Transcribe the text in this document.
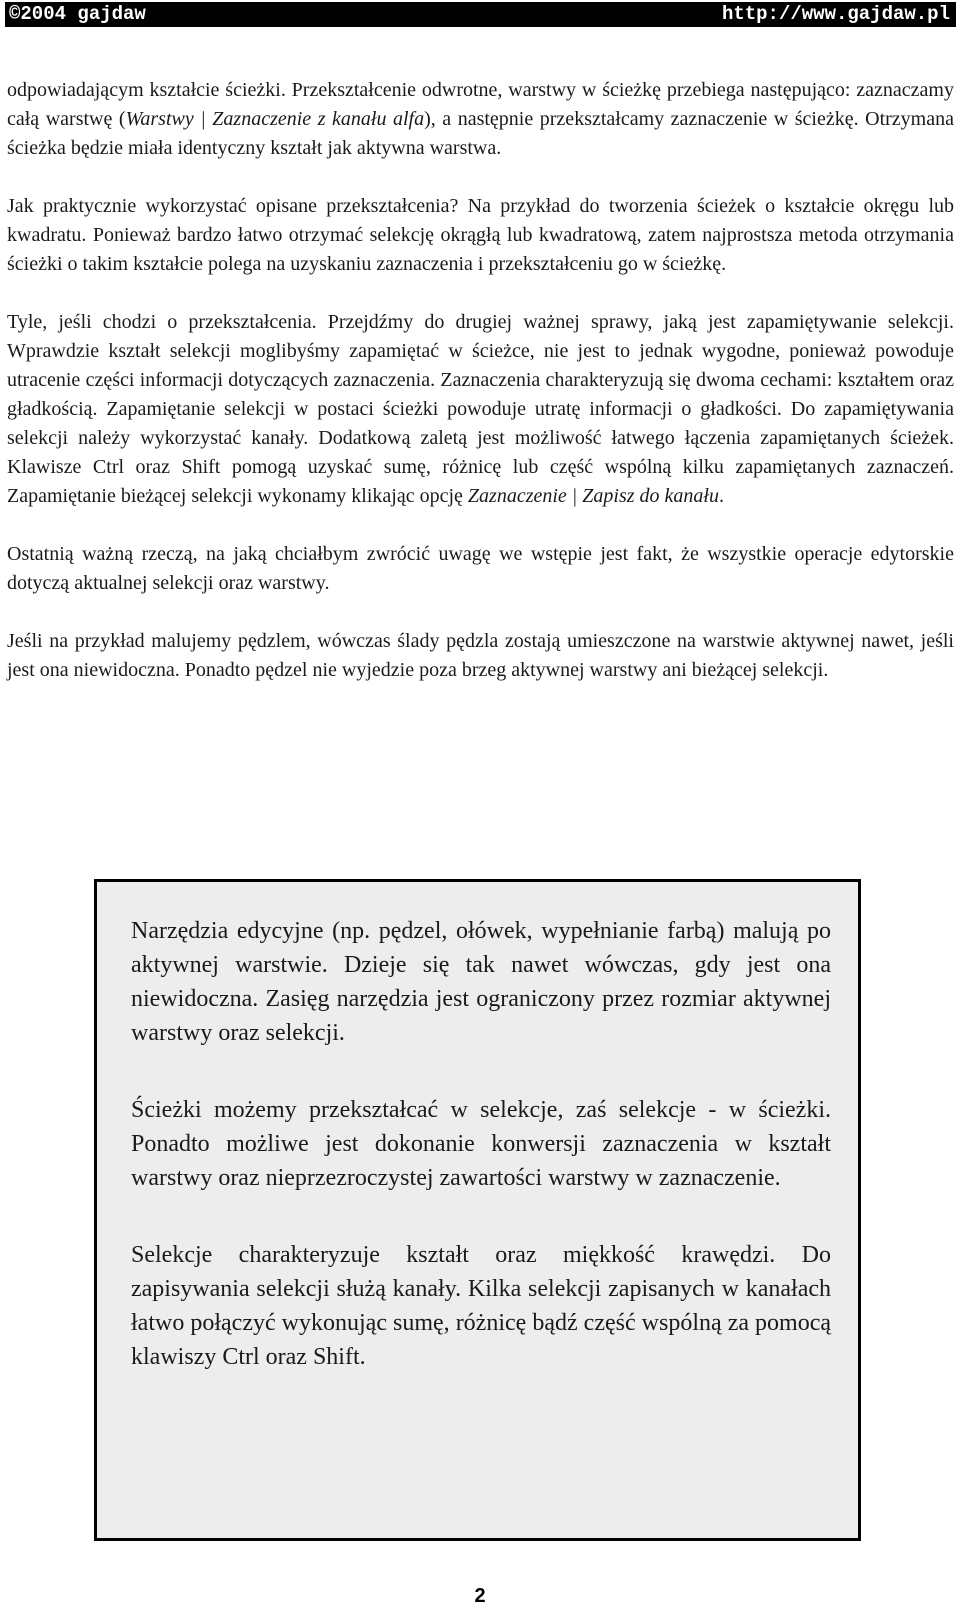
©2004 gajdaw	http://www.gajdaw.pl

odpowiadającym kształcie ścieżki. Przekształcenie odwrotne, warstwy w ścieżkę przebiega następująco: zaznaczamy całą warstwę (Warstwy | Zaznaczenie z kanału alfa), a następnie przekształcamy zaznaczenie w ścieżkę. Otrzymana ścieżka będzie miała identyczny kształt jak aktywna warstwa.

Jak praktycznie wykorzystać opisane przekształcenia? Na przykład do tworzenia ścieżek o kształcie okręgu lub kwadratu. Ponieważ bardzo łatwo otrzymać selekcję okrągłą lub kwadratową, zatem najprostsza metoda otrzymania ścieżki o takim kształcie polega na uzyskaniu zaznaczenia i przekształceniu go w ścieżkę.

Tyle, jeśli chodzi o przekształcenia. Przejdźmy do drugiej ważnej sprawy, jaką jest zapamiętywanie selekcji. Wprawdzie kształt selekcji moglibyśmy zapamiętać w ścieżce, nie jest to jednak wygodne, ponieważ powoduje utracenie części informacji dotyczących zaznaczenia. Zaznaczenia charakteryzują się dwoma cechami: kształtem oraz gładkością. Zapamiętanie selekcji w postaci ścieżki powoduje utratę informacji o gładkości. Do zapamiętywania selekcji należy wykorzystać kanały. Dodatkową zaletą jest możliwość łatwego łączenia zapamiętanych ścieżek. Klawisze Ctrl oraz Shift pomogą uzyskać sumę, różnicę lub część wspólną kilku zapamiętanych zaznaczeń. Zapamiętanie bieżącej selekcji wykonamy klikając opcję Zaznaczenie | Zapisz do kanału.

Ostatnią ważną rzeczą, na jaką chciałbym zwrócić uwagę we wstępie jest fakt, że wszystkie operacje edytorskie dotyczą aktualnej selekcji oraz warstwy.

Jeśli na przykład malujemy pędzlem, wówczas ślady pędzla zostają umieszczone na warstwie aktywnej nawet, jeśli jest ona niewidoczna. Ponadto pędzel nie wyjedzie poza brzeg aktywnej warstwy ani bieżącej selekcji.

Narzędzia edycyjne (np. pędzel, ołówek, wypełnianie farbą) malują po aktywnej warstwie. Dzieje się tak nawet wówczas, gdy jest ona niewidoczna. Zasięg narzędzia jest ograniczony przez rozmiar aktywnej warstwy oraz selekcji.

Ścieżki możemy przekształcać w selekcje, zaś selekcje - w ścieżki. Ponadto możliwe jest dokonanie konwersji zaznaczenia w kształt warstwy oraz nieprzezroczystej zawartości warstwy w zaznaczenie.

Selekcje charakteryzuje kształt oraz miękkość krawędzi. Do zapisywania selekcji służą kanały. Kilka selekcji zapisanych w kanałach łatwo połączyć wykonując sumę, różnicę bądź część wspólną za pomocą klawiszy Ctrl oraz Shift.

2
